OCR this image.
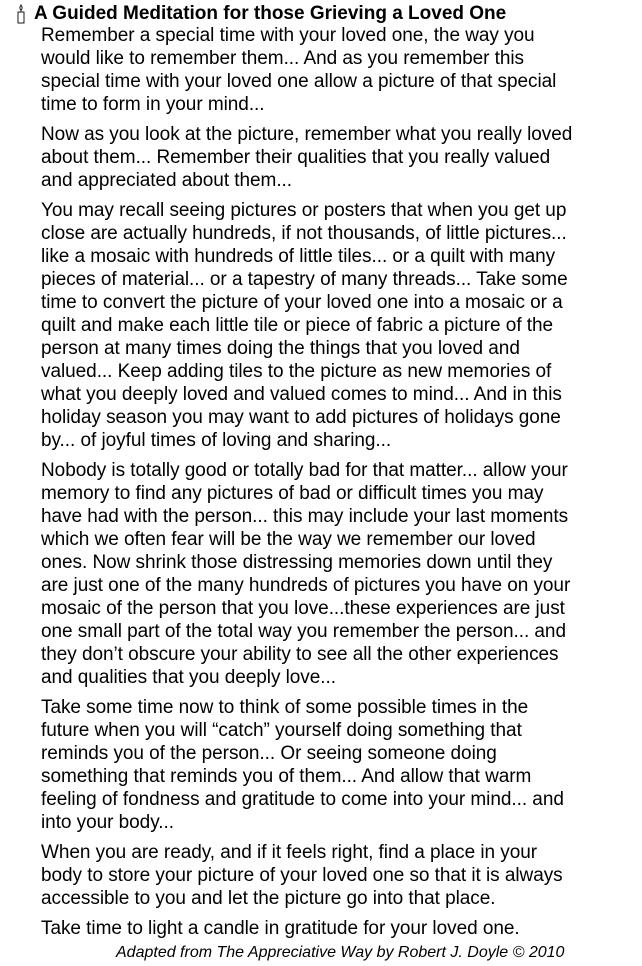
A Guided Meditation for those Grieving a Loved One
Remember a special time with your loved one, the way you
would like to remember them... And as you remember this
special time with your loved one allow a picture of that special
time to form in your mind...
Now as you look at the picture, remember what you really loved
about them... Remember their qualities that you really valued
and appreciated about them...
You may recall seeing pictures or posters that when you get up
close are actually hundreds, if not thousands, of little pictures...
like a mosaic with hundreds of little tiles... or a quilt with many
pieces of material... or a tapestry of many threads... Take some
time to convert the picture of your loved one into a mosaic or a
quilt and make each little tile or piece of fabric a picture of the
person at many times doing the things that you loved and
valued... Keep adding tiles to the picture as new memories of
what you deeply loved and valued comes to mind... And in this
holiday season you may want to add pictures of holidays gone
by... of joyful times of loving and sharing...
Nobody is totally good or totally bad for that matter... allow your
memory to find any pictures of bad or difficult times you may
have had with the person... this may include your last moments
which we often fear will be the way we remember our loved
ones. Now shrink those distressing memories down until they
are just one of the many hundreds of pictures you have on your
mosaic of the person that you love...these experiences are just
one small part of the total way you remember the person... and
they don’t obscure your ability to see all the other experiences
and qualities that you deeply love...
Take some time now to think of some possible times in the
future when you will “catch” yourself doing something that
reminds you of the person... Or seeing someone doing
something that reminds you of them... And allow that warm
feeling of fondness and gratitude to come into your mind... and
into your body...
When you are ready, and if it feels right, find a place in your
body to store your picture of your loved one so that it is always
accessible to you and let the picture go into that place.
Take time to light a candle in gratitude for your loved one.
Adapted from The Appreciative Way by Robert J. Doyle © 2010
